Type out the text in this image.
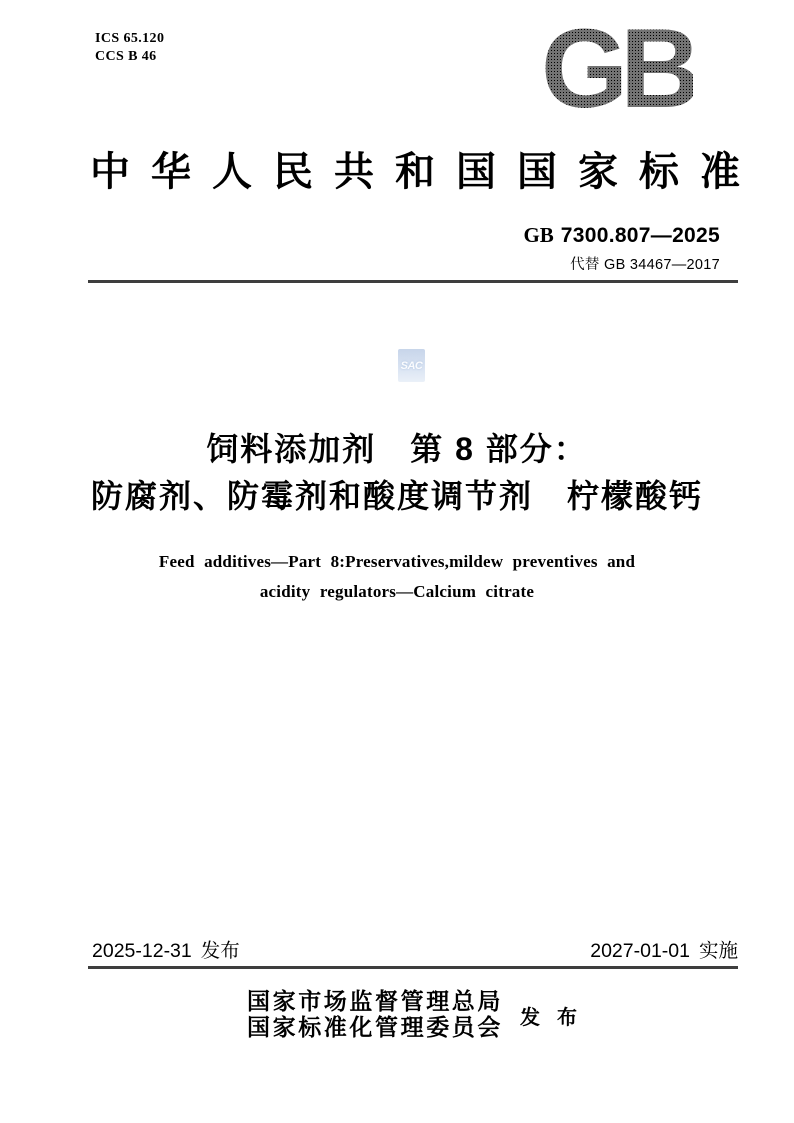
ICS 65.120
CCS B 46	GB
中华人民共和国国家标准
GB 7300.807—2025
代替 GB 34467—2017
SAC
饲料添加剂　第 8 部分：
防腐剂、防霉剂和酸度调节剂　柠檬酸钙
Feed additives—Part 8:Preservatives,mildew preventives and
acidity regulators—Calcium citrate
2025-12-31 发布	2027-01-01 实施
国家市场监督管理总局
国家标准化管理委员会 发 布
